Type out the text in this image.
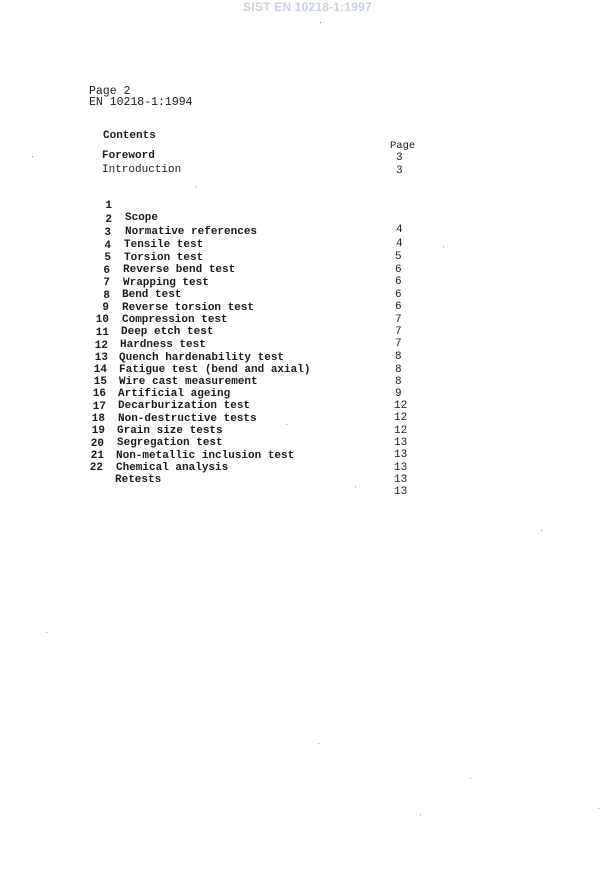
SIST EN 10218-1:1997
Page 2
EN 10218-1:1994
Contents
Page
Foreword	3
Introduction	3

1

Scope

4

2

Normative references

4

3

Tensile test

5

4

Torsion test

6

5

Reverse bend test

6

6

Wrapping test

6

7

Bend test

6

8

Reverse torsion test

7

9

Compression test

7

10

Deep etch test

7

11

Hardness test

8

12

Quench hardenability test

8

13

Fatigue test (bend and axial)

8

14

Wire cast measurement

9

15

Artificial ageing

12

16

Decarburization test

12

17

Non-destructive tests

12

18

Grain size tests

13

19

Segregation test

13

20

Non-metallic inclusion test

13

21

Chemical analysis

13

22

Retests

13
